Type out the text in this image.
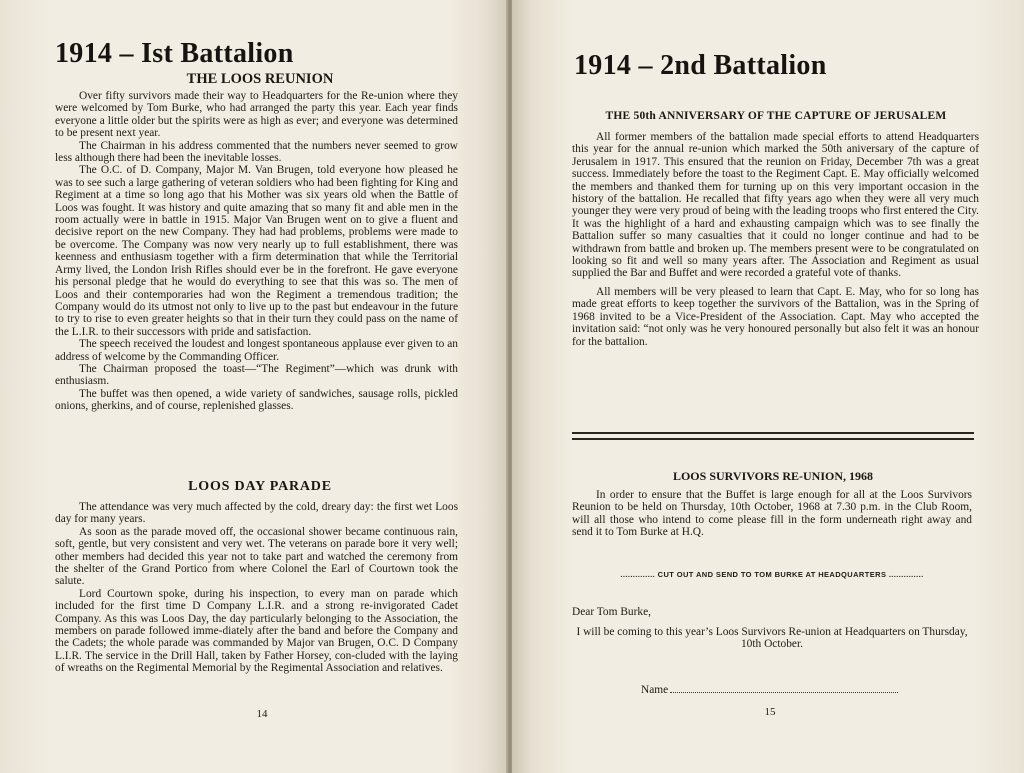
1914 – Ist Battalion
THE LOOS REUNION

Over fifty survivors made their way to Headquarters for the Re-union where they were welcomed by Tom Burke, who had arranged the party this year. Each year finds everyone a little older but the spirits were as high as ever; and everyone was determined to be present next year.

The Chairman in his address commented that the numbers never seemed to grow less although there had been the inevitable losses.

The O.C. of D. Company, Major M. Van Brugen, told everyone how pleased he was to see such a large gathering of veteran soldiers who had been fighting for King and Regiment at a time so long ago that his Mother was six years old when the Battle of Loos was fought. It was history and quite amazing that so many fit and able men in the room actually were in battle in 1915. Major Van Brugen went on to give a fluent and decisive report on the new Company. They had had problems, problems were made to be overcome. The Company was now very nearly up to full establishment, there was keenness and enthusiasm together with a firm determination that while the Territorial Army lived, the London Irish Rifles should ever be in the forefront. He gave everyone his personal pledge that he would do everything to see that this was so. The men of Loos and their contemporaries had won the Regiment a tremendous tradition; the Company would do its utmost not only to live up to the past but endeavour in the future to try to rise to even greater heights so that in their turn they could pass on the name of the L.I.R. to their successors with pride and satisfaction.

The speech received the loudest and longest spontaneous applause ever given to an address of welcome by the Commanding Officer.

The Chairman proposed the toast—“The Regiment”—which was drunk with enthusiasm.

The buffet was then opened, a wide variety of sandwiches, sausage rolls, pickled onions, gherkins, and of course, replenished glasses.

LOOS DAY PARADE

The attendance was very much affected by the cold, dreary day: the first wet Loos day for many years.

As soon as the parade moved off, the occasional shower became continuous rain, soft, gentle, but very consistent and very wet. The veterans on parade bore it very well; other members had decided this year not to take part and watched the ceremony from the shelter of the Grand Portico from where Colonel the Earl of Courtown took the salute.

Lord Courtown spoke, during his inspection, to every man on parade which included for the first time D Company L.I.R. and a strong re-invigorated Cadet Company. As this was Loos Day, the day particularly belonging to the Association, the members on parade followed imme-diately after the band and before the Company and the Cadets; the whole parade was commanded by Major van Brugen, O.C. D Company L.I.R. The service in the Drill Hall, taken by Father Horsey, con-cluded with the laying of wreaths on the Regimental Memorial by the Regimental Association and relatives.

14
1914 – 2nd Battalion
THE 50th ANNIVERSARY OF THE CAPTURE OF JERUSALEM

All former members of the battalion made special efforts to attend Headquarters this year for the annual re-union which marked the 50th aniversary of the capture of Jerusalem in 1917. This ensured that the reunion on Friday, December 7th was a great success. Immediately before the toast to the Regiment Capt. E. May officially welcomed the members and thanked them for turning up on this very important occasion in the history of the battalion. He recalled that fifty years ago when they were all very much younger they were very proud of being with the leading troops who first entered the City. It was the highlight of a hard and exhausting campaign which was to see finally the Battalion suffer so many casualties that it could no longer continue and had to be withdrawn from battle and broken up. The members present were to be congratulated on looking so fit and well so many years after. The Association and Regiment as usual supplied the Bar and Buffet and were recorded a grateful vote of thanks.

All members will be very pleased to learn that Capt. E. May, who for so long has made great efforts to keep together the survivors of the Battalion, was in the Spring of 1968 invited to be a Vice-President of the Association. Capt. May who accepted the invitation said: “not only was he very honoured personally but also felt it was an honour for the battalion.

LOOS SURVIVORS RE-UNION, 1968

In order to ensure that the Buffet is large enough for all at the Loos Survivors Reunion to be held on Thursday, 10th October, 1968 at 7.30 p.m. in the Club Room, will all those who intend to come please fill in the form underneath right away and send it to Tom Burke at H.Q.

.............. CUT OUT AND SEND TO TOM BURKE AT HEADQUARTERS ..............
Dear Tom Burke,
I will be coming to this year’s Loos Survivors Re-union at Headquarters on Thursday, 10th October.
Name
15
